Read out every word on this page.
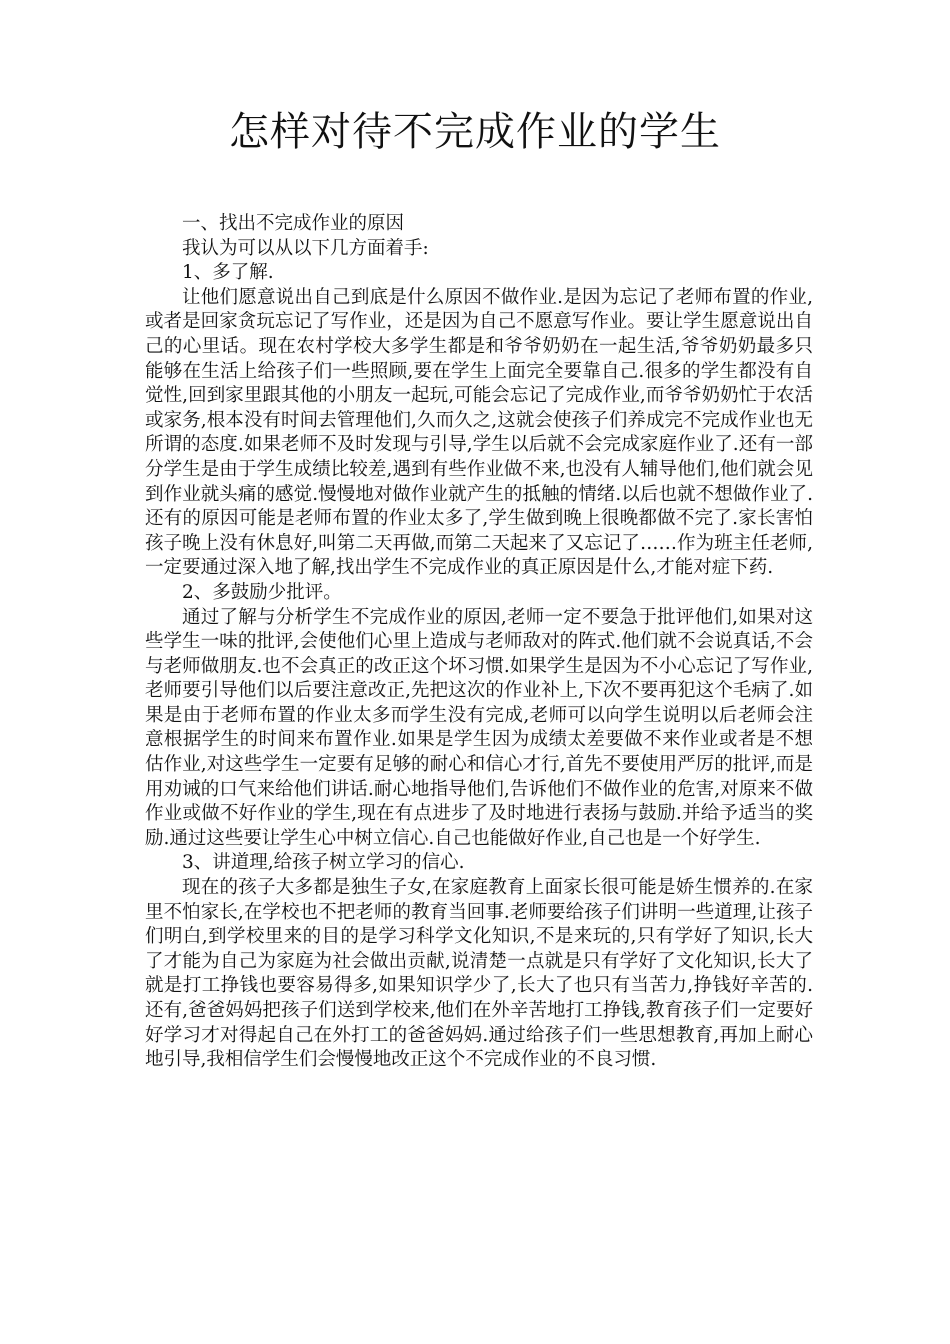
怎样对待不完成作业的学生

一、找出不完成作业的原因

我认为可以从以下几方面着手:

1、多了解.

让他们愿意说出自己到底是什么原因不做作业.是因为忘记了老师布置的作业,或者是回家贪玩忘记了写作业，还是因为自己不愿意写作业。要让学生愿意说出自己的心里话。现在农村学校大多学生都是和爷爷奶奶在一起生活,爷爷奶奶最多只能够在生活上给孩子们一些照顾,要在学生上面完全要靠自己.很多的学生都没有自觉性,回到家里跟其他的小朋友一起玩,可能会忘记了完成作业,而爷爷奶奶忙于农活或家务,根本没有时间去管理他们,久而久之,这就会使孩子们养成完不完成作业也无所谓的态度.如果老师不及时发现与引导,学生以后就不会完成家庭作业了.还有一部分学生是由于学生成绩比较差,遇到有些作业做不来,也没有人辅导他们,他们就会见到作业就头痛的感觉.慢慢地对做作业就产生的抵触的情绪.以后也就不想做作业了.还有的原因可能是老师布置的作业太多了,学生做到晚上很晚都做不完了.家长害怕孩子晚上没有休息好,叫第二天再做,而第二天起来了又忘记了……作为班主任老师,一定要通过深入地了解,找出学生不完成作业的真正原因是什么,才能对症下药.

2、多鼓励少批评。

通过了解与分析学生不完成作业的原因,老师一定不要急于批评他们,如果对这些学生一味的批评,会使他们心里上造成与老师敌对的阵式.他们就不会说真话,不会与老师做朋友.也不会真正的改正这个坏习惯.如果学生是因为不小心忘记了写作业,老师要引导他们以后要注意改正,先把这次的作业补上,下次不要再犯这个毛病了.如果是由于老师布置的作业太多而学生没有完成,老师可以向学生说明以后老师会注意根据学生的时间来布置作业.如果是学生因为成绩太差要做不来作业或者是不想估作业,对这些学生一定要有足够的耐心和信心才行,首先不要使用严厉的批评,而是用劝诫的口气来给他们讲话.耐心地指导他们,告诉他们不做作业的危害,对原来不做作业或做不好作业的学生,现在有点进步了及时地进行表扬与鼓励.并给予适当的奖励.通过这些要让学生心中树立信心.自己也能做好作业,自己也是一个好学生.

3、讲道理,给孩子树立学习的信心.

现在的孩子大多都是独生子女,在家庭教育上面家长很可能是娇生惯养的.在家里不怕家长,在学校也不把老师的教育当回事.老师要给孩子们讲明一些道理,让孩子们明白,到学校里来的目的是学习科学文化知识,不是来玩的,只有学好了知识,长大了才能为自己为家庭为社会做出贡献,说清楚一点就是只有学好了文化知识,长大了就是打工挣钱也要容易得多,如果知识学少了,长大了也只有当苦力,挣钱好辛苦的.还有,爸爸妈妈把孩子们送到学校来,他们在外辛苦地打工挣钱,教育孩子们一定要好好学习才对得起自己在外打工的爸爸妈妈.通过给孩子们一些思想教育,再加上耐心地引导,我相信学生们会慢慢地改正这个不完成作业的不良习惯.
